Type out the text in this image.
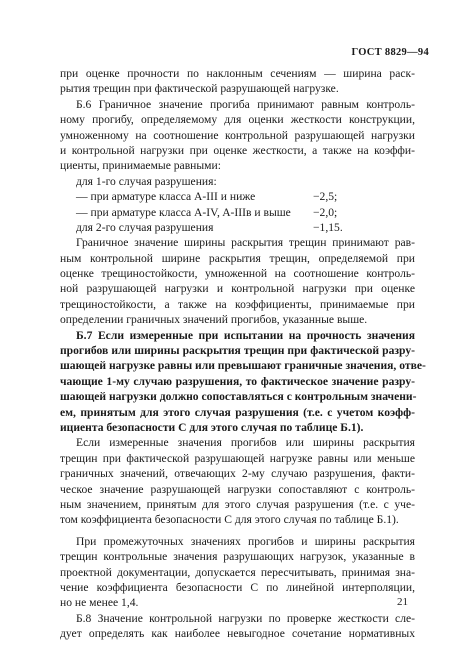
ГОСТ 8829—94
при оценке прочности по наклонным сечениям — ширина раск-
рытия трещин при фактической разрушающей нагрузке.
Б.6 Граничное значение прогиба принимают равным контроль-
ному прогибу, определяемому для оценки жесткости конструкции,
умноженному на соотношение контрольной разрушающей нагрузки
и контрольной нагрузки при оценке жесткости, а также на коэффи-
циенты, принимаемые равными:
для 1-го случая разрушения:
— при арматуре класса А-III и ниже	−2,5;
— при арматуре класса A-IV, A-IIIв и выше −2,0;
для 2-го случая разрушения	−1,15.
Граничное значение ширины раскрытия трещин принимают рав-
ным контрольной ширине раскрытия трещин, определяемой при
оценке трещиностойкости, умноженной на соотношение контроль-
ной разрушающей нагрузки и контрольной нагрузки при оценке
трещиностойкости, а также на коэффициенты, принимаемые при
определении граничных значений прогибов, указанные выше.
Б.7 Если измеренные при испытании на прочность значения
прогибов или ширины раскрытия трещин при фактической разру-
шающей нагрузке равны или превышают граничные значения, отве-
чающие 1-му случаю разрушения, то фактическое значение разру-
шающей нагрузки должно сопоставляться с контрольным значени-
ем, принятым для этого случая разрушения (т.е. с учетом коэфф-
ициента безопасности С для этого случая по таблице Б.1).
Если измеренные значения прогибов или ширины раскрытия
трещин при фактической разрушающей нагрузке равны или меньше
граничных значений, отвечающих 2-му случаю разрушения, факти-
ческое значение разрушающей нагрузки сопоставляют с контроль-
ным значением, принятым для этого случая разрушения (т.е. с уче-
том коэффициента безопасности С для этого случая по таблице Б.1).
При промежуточных значениях прогибов и ширины раскрытия
трещин контрольные значения разрушающих нагрузок, указанные в
проектной документации, допускается пересчитывать, принимая зна-
чение коэффициента безопасности С по линейной интерполяции,
но не менее 1,4.
Б.8 Значение контрольной нагрузки по проверке жесткости сле-
дует определять как наиболее невыгодное сочетание нормативных
21
